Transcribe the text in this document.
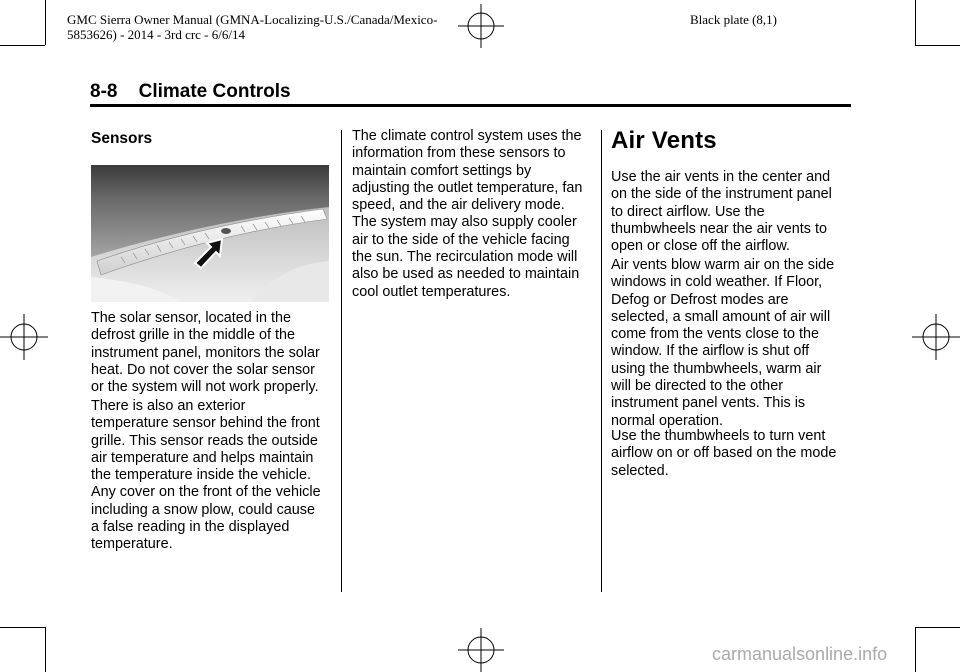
GMC Sierra Owner Manual (GMNA-Localizing-U.S./Canada/Mexico-
5853626) - 2014 - 3rd crc - 6/6/14
Black plate (8,1)
8-8 Climate Controls
Sensors
The solar sensor, located in the
defrost grille in the middle of the
instrument panel, monitors the solar
heat. Do not cover the solar sensor
or the system will not work properly.
There is also an exterior
temperature sensor behind the front
grille. This sensor reads the outside
air temperature and helps maintain
the temperature inside the vehicle.
Any cover on the front of the vehicle
including a snow plow, could cause
a false reading in the displayed
temperature.
The climate control system uses the
information from these sensors to
maintain comfort settings by
adjusting the outlet temperature, fan
speed, and the air delivery mode.
The system may also supply cooler
air to the side of the vehicle facing
the sun. The recirculation mode will
also be used as needed to maintain
cool outlet temperatures.
Air Vents
Use the air vents in the center and
on the side of the instrument panel
to direct airflow. Use the
thumbwheels near the air vents to
open or close off the airflow.
Air vents blow warm air on the side
windows in cold weather. If Floor,
Defog or Defrost modes are
selected, a small amount of air will
come from the vents close to the
window. If the airflow is shut off
using the thumbwheels, warm air
will be directed to the other
instrument panel vents. This is
normal operation.
Use the thumbwheels to turn vent
airflow on or off based on the mode
selected.
carmanualsonline.info
